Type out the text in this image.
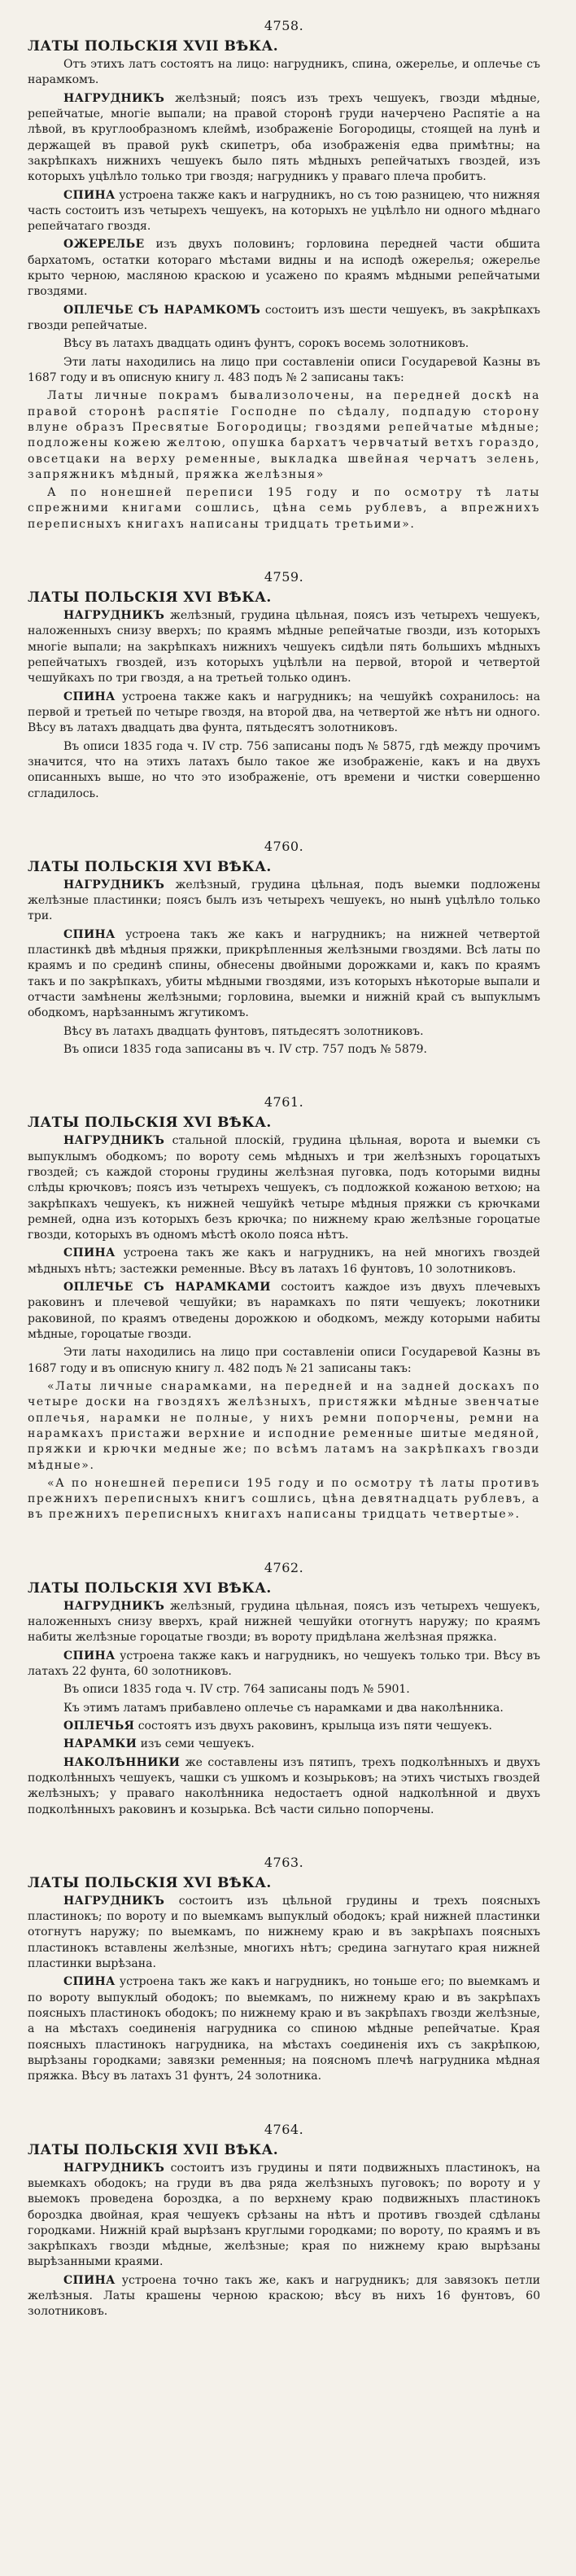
4758.
ЛАТЫ ПОЛЬСКІЯ XVII ВѢКА.

Отъ этихъ латъ состоятъ на лицо: нагрудникъ, спина, ожерелье, и оплечье съ нарамкомъ.

НАГРУДНИКЪ желѣзный; поясъ изъ трехъ чешуекъ, гвозди мѣдные, репейчатые, многіе выпали; на правой сторонѣ груди начерчено Распятіе а на лѣвой, въ круглообразномъ клеймѣ, изображеніе Богородицы, стоящей на лунѣ и держащей въ правой рукѣ скипетръ, оба изображенія едва примѣтны; на закрѣпкахъ нижнихъ чешуекъ было пять мѣдныхъ репейчатыхъ гвоздей, изъ которыхъ уцѣлѣло только три гвоздя; нагрудникъ у праваго плеча пробитъ.

СПИНА устроена также какъ и нагрудникъ, но съ тою разницею, что нижняя часть состоитъ изъ четырехъ чешуекъ, на которыхъ не уцѣлѣло ни одного мѣднаго репейчатаго гвоздя.

ОЖЕРЕЛЬЕ изъ двухъ половинъ; горловина передней части обшита бархатомъ, остатки котораго мѣстами видны и на исподѣ ожерелья; ожерелье крыто черною, масляною краскою и усажено по краямъ мѣдными репейчатыми гвоздями.

ОПЛЕЧЬЕ СЪ НАРАМКОМЪ состоитъ изъ шести чешуекъ, въ закрѣпкахъ гвозди репейчатые.

Вѣсу въ латахъ двадцать одинъ фунтъ, сорокъ восемь золотниковъ.

Эти латы находились на лицо при составленіи описи Государевой Казны въ 1687 году и въ описную книгу л. 483 подъ № 2 записаны такъ:

Латы личные покрамъ бывализолочены, на передней доскѣ на правой сторонѣ распятіе Господне по сѣдалу, подпадую сторону влуне образъ Пресвятые Богородицы; гвоздями репейчатые мѣдные; подложены кожею желтою, опушка бархатъ червчатый ветхъ гораздо, овсетцаки на верху ременные, выкладка швейная черчатъ зелень, запряжникъ мѣдный, пряжка желѣзныя»

А по нонешней переписи 195 году и по осмотру тѣ латы спрежними книгами сошлись, цѣна семь рублевъ, а впрежнихъ переписныхъ книгахъ написаны тридцать третьими».

4759.
ЛАТЫ ПОЛЬСКІЯ XVI ВѢКА.

НАГРУДНИКЪ желѣзный, грудина цѣльная, поясъ изъ четырехъ чешуекъ, наложенныхъ снизу вверхъ; по краямъ мѣдные репейчатые гвозди, изъ которыхъ многіе выпали; на закрѣпкахъ нижнихъ чешуекъ сидѣли пять большихъ мѣдныхъ репейчатыхъ гвоздей, изъ которыхъ уцѣлѣли на первой, второй и четвертой чешуйкахъ по три гвоздя, а на третьей только одинъ.

СПИНА устроена также какъ и нагрудникъ; на чешуйкѣ сохранилось: на первой и третьей по четыре гвоздя, на второй два, на четвертой же нѣтъ ни одного. Вѣсу въ латахъ двадцать два фунта, пятьдесятъ золотниковъ.

Въ описи 1835 года ч. IV стр. 756 записаны подъ № 5875, гдѣ между прочимъ значится, что на этихъ латахъ было такое же изображеніе, какъ и на двухъ описанныхъ выше, но что это изображеніе, отъ времени и чистки совершенно сгладилось.

4760.
ЛАТЫ ПОЛЬСКІЯ XVI ВѢКА.

НАГРУДНИКЪ желѣзный, грудина цѣльная, подъ выемки подложены желѣзные пластинки; поясъ былъ изъ четырехъ чешуекъ, но нынѣ уцѣлѣло только три.

СПИНА устроена такъ же какъ и нагрудникъ; на нижней четвертой пластинкѣ двѣ мѣдныя пряжки, прикрѣпленныя желѣзными гвоздями. Всѣ латы по краямъ и по срединѣ спины, обнесены двойными дорожками и, какъ по краямъ такъ и по закрѣпкахъ, убиты мѣдными гвоздями, изъ которыхъ нѣкоторые выпали и отчасти замѣнены желѣзными; горловина, выемки и нижній край съ выпуклымъ ободкомъ, нарѣзаннымъ жгутикомъ.

Вѣсу въ латахъ двадцать фунтовъ, пятьдесятъ золотниковъ.

Въ описи 1835 года записаны въ ч. IV стр. 757 подъ № 5879.

4761.
ЛАТЫ ПОЛЬСКІЯ XVI ВѢКА.

НАГРУДНИКЪ стальной плоскій, грудина цѣльная, ворота и выемки съ выпуклымъ ободкомъ; по вороту семь мѣдныхъ и три желѣзныхъ гороцатыхъ гвоздей; съ каждой стороны грудины желѣзная пуговка, подъ которыми видны слѣды крючковъ; поясъ изъ четырехъ чешуекъ, съ подложкой кожаною ветхою; на закрѣпкахъ чешуекъ, къ нижней чешуйкѣ четыре мѣдныя пряжки съ крючками ремней, одна изъ которыхъ безъ крючка; по нижнему краю желѣзные гороцатые гвозди, которыхъ въ одномъ мѣстѣ около пояса нѣтъ.

СПИНА устроена такъ же какъ и нагрудникъ, на ней многихъ гвоздей мѣдныхъ нѣтъ; застежки ременные. Вѣсу въ латахъ 16 фунтовъ, 10 золотниковъ.

ОПЛЕЧЬЕ СЪ НАРАМКАМИ состоитъ каждое изъ двухъ плечевыхъ раковинъ и плечевой чешуйки; въ нарамкахъ по пяти чешуекъ; локотники раковиной, по краямъ отведены дорожкою и ободкомъ, между которыми набиты мѣдные, гороцатые гвозди.

Эти латы находились на лицо при составленіи описи Государевой Казны въ 1687 году и въ описную книгу л. 482 подъ № 21 записаны такъ:

«Латы личные снарамками, на передней и на задней доскахъ по четыре доски на гвоздяхъ желѣзныхъ, пристяжки мѣдные звенчатые оплечья, нарамки не полные, у нихъ ремни попорчены, ремни на нарамкахъ пристажи верхние и исподние ременные шитые медяной, пряжки и крючки медные же; по всѣмъ латамъ на закрѣпкахъ гвозди мѣдные».

«А по нонешней переписи 195 году и по осмотру тѣ латы противъ прежнихъ переписныхъ книгъ сошлись, цѣна девятнадцать рублевъ, а въ прежнихъ переписныхъ книгахъ написаны тридцать четвертые».

4762.
ЛАТЫ ПОЛЬСКІЯ XVI ВѢКА.

НАГРУДНИКЪ желѣзный, грудина цѣльная, поясъ изъ четырехъ чешуекъ, наложенныхъ снизу вверхъ, край нижней чешуйки отогнутъ наружу; по краямъ набиты желѣзные гороцатые гвозди; въ вороту придѣлана желѣзная пряжка.

СПИНА устроена также какъ и нагрудникъ, но чешуекъ только три. Вѣсу въ латахъ 22 фунта, 60 золотниковъ.

Въ описи 1835 года ч. IV стр. 764 записаны подъ № 5901.

Къ этимъ латамъ прибавлено оплечье съ нарамками и два наколѣнника.

ОПЛЕЧЬЯ состоятъ изъ двухъ раковинъ, крылыца изъ пяти чешуекъ.

НАРАМКИ изъ семи чешуекъ.

НАКОЛѢННИКИ же составлены изъ пятипъ, трехъ подколѣнныхъ и двухъ подколѣнныхъ чешуекъ, чашки съ ушкомъ и козырьковъ; на этихъ чистыхъ гвоздей желѣзныхъ; у праваго наколѣнника недостаетъ одной надколѣнной и двухъ подколѣнныхъ раковинъ и козырька. Всѣ части сильно попорчены.

4763.
ЛАТЫ ПОЛЬСКІЯ XVI ВѢКА.

НАГРУДНИКЪ состоитъ изъ цѣльной грудины и трехъ поясныхъ пластинокъ; по вороту и по выемкамъ выпуклый ободокъ; край нижней пластинки отогнутъ наружу; по выемкамъ, по нижнему краю и въ закрѣпахъ поясныхъ пластинокъ вставлены желѣзные, многихъ нѣтъ; средина загнутаго края нижней пластинки вырѣзана.

СПИНА устроена такъ же какъ и нагрудникъ, но тоньше его; по выемкамъ и по вороту выпуклый ободокъ; по выемкамъ, по нижнему краю и въ закрѣпахъ поясныхъ пластинокъ ободокъ; по нижнему краю и въ закрѣпахъ гвозди желѣзные, а на мѣстахъ соединенія нагрудника со спиною мѣдные репейчатые. Края поясныхъ пластинокъ нагрудника, на мѣстахъ соединенія ихъ съ закрѣпкою, вырѣзаны городками; завязки ременныя; на поясномъ плечѣ нагрудника мѣдная пряжка. Вѣсу въ латахъ 31 фунтъ, 24 золотника.

4764.
ЛАТЫ ПОЛЬСКІЯ XVII ВѢКА.

НАГРУДНИКЪ состоитъ изъ грудины и пяти подвижныхъ пластинокъ, на выемкахъ ободокъ; на груди въ два ряда желѣзныхъ пуговокъ; по вороту и у выемокъ проведена бороздка, а по верхнему краю подвижныхъ пластинокъ бороздка двойная, края чешуекъ срѣзаны на нѣтъ и противъ гвоздей сдѣланы городками. Нижній край вырѣзанъ круглыми городками; по вороту, по краямъ и въ закрѣпкахъ гвозди мѣдные, желѣзные; края по нижнему краю вырѣзаны вырѣзанными краями.

СПИНА устроена точно такъ же, какъ и нагрудникъ; для завязокъ петли желѣзныя. Латы крашены черною краскою; вѣсу въ нихъ 16 фунтовъ, 60 золотниковъ.
